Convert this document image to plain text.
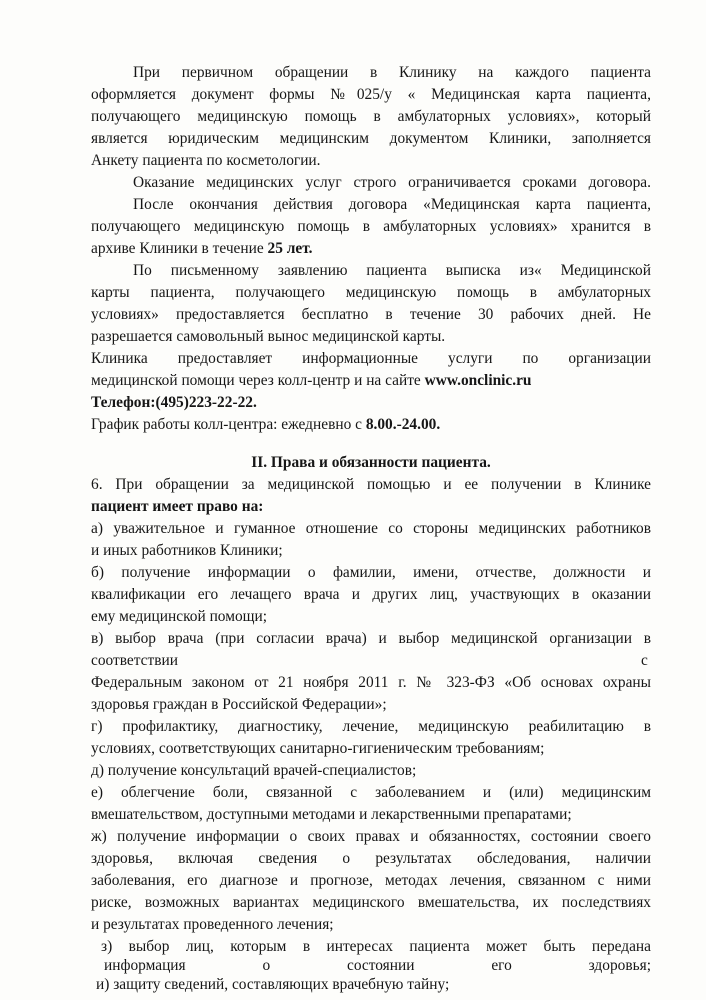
При первичном обращении в Клинику на каждого пациента
оформляется документ формы №025/у « Медицинская карта пациента,
получающего медицинскую помощь в амбулаторных условиях», который
является юридическим медицинским документом Клиники, заполняется
Анкету пациента по косметологии.
Оказание медицинских услуг строго ограничивается сроками договора.
После окончания действия договора «Медицинская карта пациента,
получающего медицинскую помощь в амбулаторных условиях» хранится в
архиве Клиники в течение 25 лет.
По письменному заявлению пациента выписка из« Медицинской
карты пациента, получающего медицинскую помощь в амбулаторных
условиях» предоставляется бесплатно в течение 30 рабочих дней. Не
разрешается самовольный вынос медицинской карты.
Клиника предоставляет информационные услуги по организации
медицинской помощи через колл-центр и на сайте www.onclinic.ru
Телефон:(495)223-22-22.
График работы колл-центра: ежедневно с 8.00.-24.00.
II. Права и обязанности пациента.
6. При обращении за медицинской помощью и ее получении в Клинике
пациент имеет право на:
а) уважительное и гуманное отношение со стороны медицинских работников
и иных работников Клиники;
б) получение информации о фамилии, имени, отчестве, должности и
квалификации его лечащего врача и других лиц, участвующих в оказании
ему медицинской помощи;
в) выбор врача (при согласии врача) и выбор медицинской организации в
соответствии	с
Федеральным законом от 21 ноября 2011 г. № 323-ФЗ «Об основах охраны
здоровья граждан в Российской Федерации»;
г) профилактику, диагностику, лечение, медицинскую реабилитацию в
условиях, соответствующих санитарно-гигиеническим требованиям;
д) получение консультаций врачей-специалистов;
е) облегчение боли, связанной с заболеванием и (или) медицинским
вмешательством, доступными методами и лекарственными препаратами;
ж) получение информации о своих правах и обязанностях, состоянии своего
здоровья, включая сведения о результатах обследования, наличии
заболевания, его диагнозе и прогнозе, методах лечения, связанном с ними
риске, возможных вариантах медицинского вмешательства, их последствиях
и результатах проведенного лечения;
з) выбор лиц, которым в интересах пациента может быть передана
информация о состоянии его здоровья;
и) защиту сведений, составляющих врачебную тайну;
